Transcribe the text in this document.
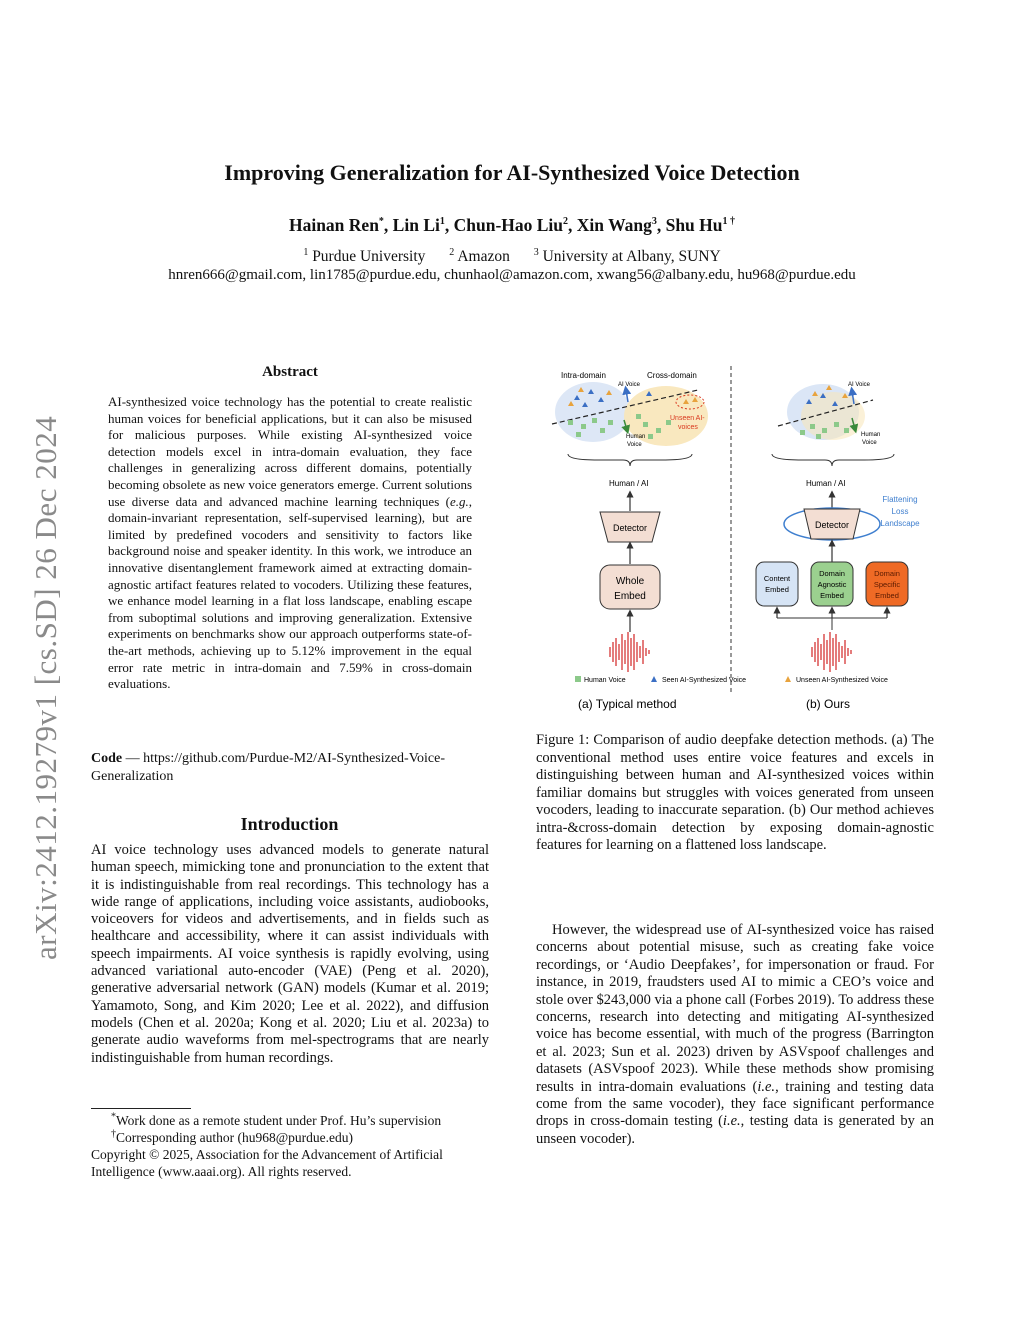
arXiv:2412.19279v1 [cs.SD] 26 Dec 2024
Improving Generalization for AI-Synthesized Voice Detection
Hainan Ren*, Lin Li$^1$, Chun-Hao Liu$^2$, Xin Wang$^3$, Shu $Hu^{1 \dagger}$
$^1$ Purdue University $^2$ Amazon $^3$ University at Albany, SUNY
hnren666@gmail.com, lin1785@purdue.edu, chunhaol@amazon.com, xwang56@albany.edu, hu968@purdue.edu
Abstract
AI-synthesized voice technology has the potential to create realistic human voices for beneficial applications, but it can also be misused for malicious purposes. While existing AI-synthesized voice detection models excel in intra-domain evaluation, they face challenges in generalizing across different domains, potentially becoming obsolete as new voice generators emerge. Current solutions use diverse data and advanced machine learning techniques (e.g., domain-invariant representation, self-supervised learning), but are limited by predefined vocoders and sensitivity to factors like background noise and speaker identity. In this work, we introduce an innovative disentanglement framework aimed at extracting domain-agnostic artifact features related to vocoders. Utilizing these features, we enhance model learning in a flat loss landscape, enabling escape from suboptimal solutions and improving generalization. Extensive experiments on benchmarks show our approach outperforms state-of-the-art methods, achieving up to 5.12% improvement in the equal error rate metric in intra-domain and 7.59% in cross-domain evaluations.
Code — https://github.com/Purdue-M2/AI-Synthesized-Voice-Generalization
Introduction
AI voice technology uses advanced models to generate natural human speech, mimicking tone and pronunciation to the extent that it is indistinguishable from real recordings. This technology has a wide range of applications, including voice assistants, audiobooks, voiceovers for videos and advertisements, and in fields such as healthcare and accessibility, where it can assist individuals with speech impairments. AI voice synthesis is rapidly evolving, using advanced variational auto-encoder (VAE) (Peng et al. 2020), generative adversarial network (GAN) models (Kumar et al. 2019; Yamamoto, Song, and Kim 2020; Lee et al. 2022), and diffusion models (Chen et al. 2020a; Kong et al. 2020; Liu et al. 2023a) to generate audio waveforms from mel-spectrograms that are nearly indistinguishable from human recordings.
*Work done as a remote student under Prof. Hu’s supervision
†Corresponding author (hu968@purdue.edu)
Copyright © 2025, Association for the Advancement of Artificial Intelligence (www.aaai.org). All rights reserved.
Intra-domain	Cross-domain
AI Voice
Unseen AI-
voices
Human
Voice
Human / AI
Detector
Whole
Embed
AI Voice
Human
Voice
Human / AI
Detector
Flattening
Loss
Landscape
Content
Embed
Domain
Agnostic
Embed
Domain
Specific
Embed
Human Voice	Seen AI-Synthesized Voice	Unseen AI-Synthesized Voice
(a) Typical method	(b) Ours
Figure 1: Comparison of audio deepfake detection methods. (a) The conventional method uses entire voice features and excels in distinguishing between human and AI-synthesized voices within familiar domains but struggles with voices generated from unseen vocoders, leading to inaccurate separation. (b) Our method achieves intra-&cross-domain detection by exposing domain-agnostic features for learning on a flattened loss landscape.
However, the widespread use of AI-synthesized voice has raised concerns about potential misuse, such as creating fake voice recordings, or ‘Audio Deepfakes’, for impersonation or fraud. For instance, in 2019, fraudsters used AI to mimic a CEO’s voice and stole over $243,000 via a phone call (Forbes 2019). To address these concerns, research into detecting and mitigating AI-synthesized voice has become essential, with much of the progress (Barrington et al. 2023; Sun et al. 2023) driven by ASVspoof challenges and datasets (ASVspoof 2023). While these methods show promising results in intra-domain evaluations (i.e., training and testing data come from the same vocoder), they face significant performance drops in cross-domain testing (i.e., testing data is generated by an unseen vocoder).
